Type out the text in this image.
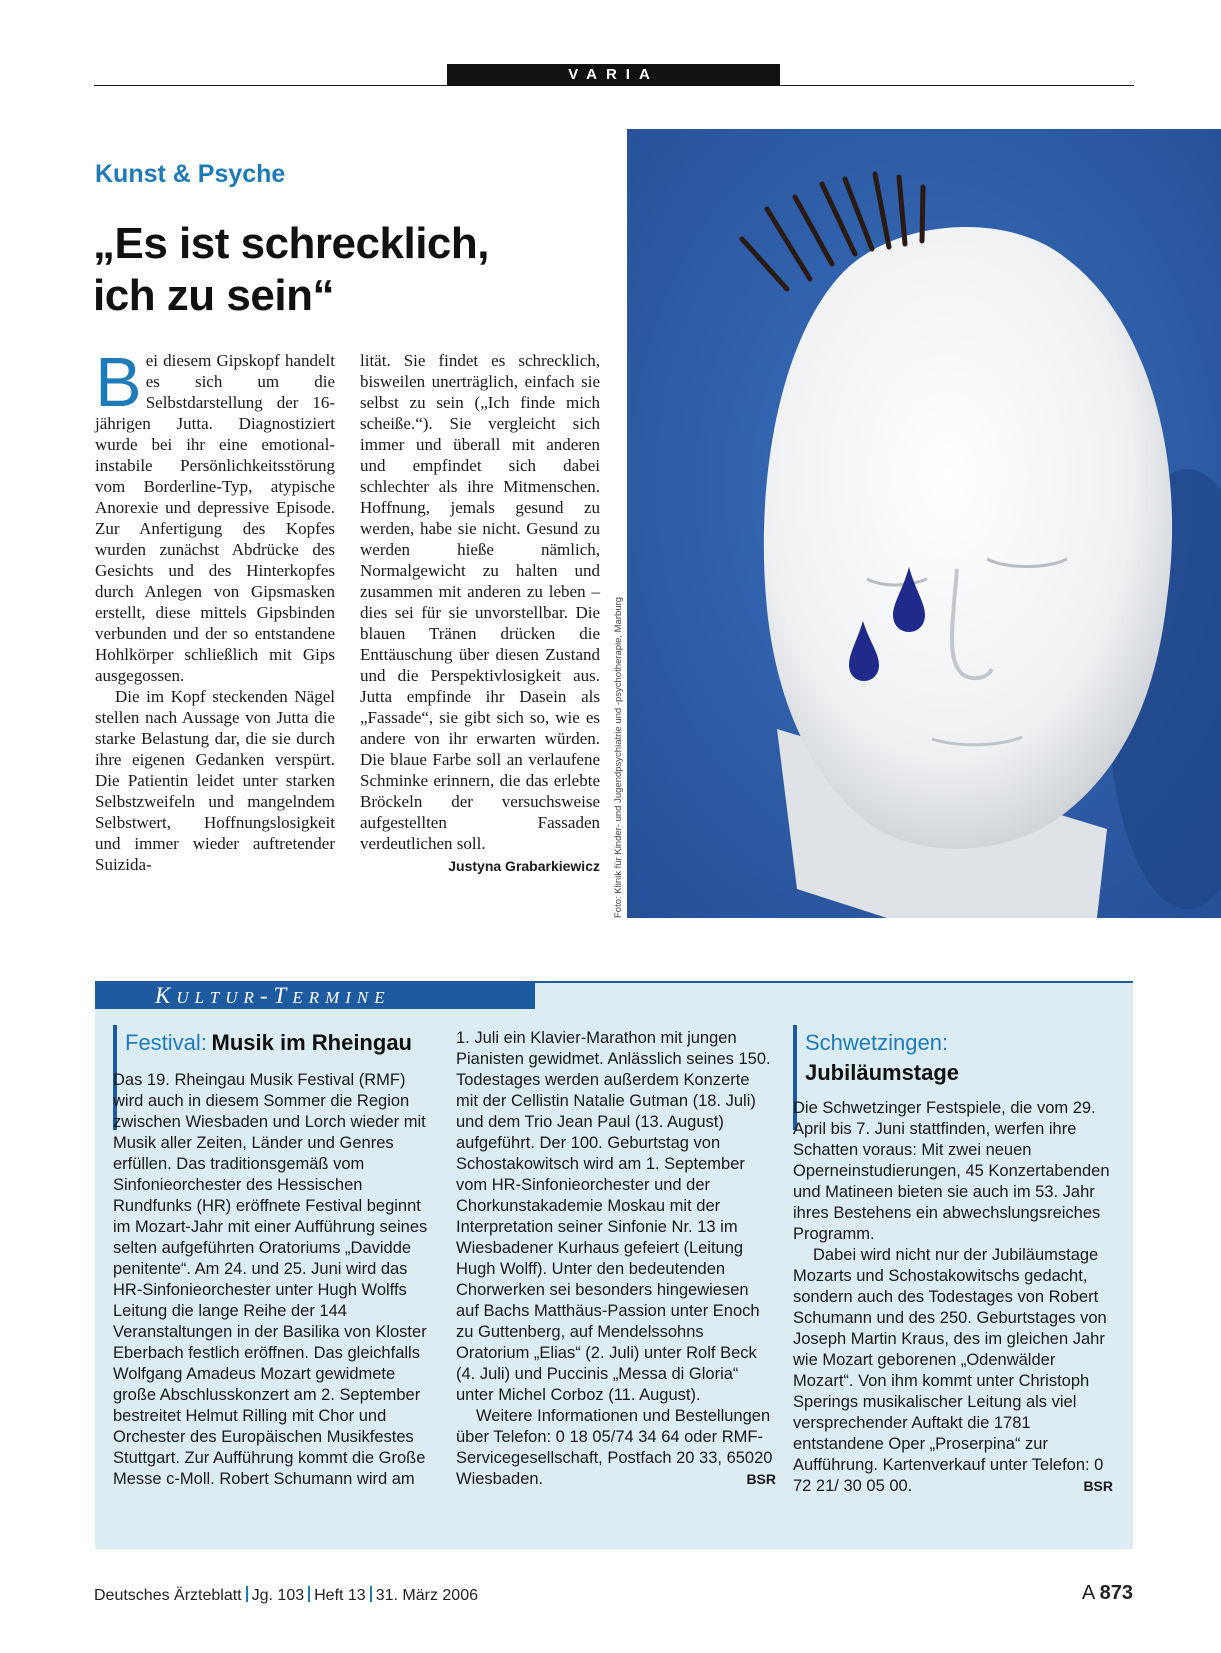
VARIA
Kunst & Psyche
„Es ist schrecklich,
ich zu sein“

Bei diesem Gipskopf handelt es sich um die Selbstdarstellung der 16-jährigen Jutta. Diagnostiziert wurde bei ihr eine emotional-instabile Persönlichkeitsstörung vom Borderline-Typ, atypische Anorexie und depressive Episode. Zur Anfertigung des Kopfes wurden zunächst Abdrücke des Gesichts und des Hinterkopfes durch Anlegen von Gipsmasken erstellt, diese mittels Gipsbinden verbunden und der so entstandene Hohlkörper schließlich mit Gips ausgegossen.

Die im Kopf steckenden Nägel stellen nach Aussage von Jutta die starke Belastung dar, die sie durch ihre eigenen Gedanken verspürt. Die Patientin leidet unter starken Selbstzweifeln und mangelndem Selbstwert, Hoffnungslosigkeit und immer wieder auftretender Suizida-

lität. Sie findet es schrecklich, bisweilen unerträglich, einfach sie selbst zu sein („Ich finde mich scheiße.“). Sie vergleicht sich immer und überall mit anderen und empfindet sich dabei schlechter als ihre Mitmenschen. Hoffnung, jemals gesund zu werden, habe sie nicht. Gesund zu werden hieße nämlich, Normalgewicht zu halten und zusammen mit anderen zu leben – dies sei für sie unvorstellbar. Die blauen Tränen drücken die Enttäuschung über diesen Zustand und die Perspektivlosigkeit aus. Jutta empfinde ihr Dasein als „Fassade“, sie gibt sich so, wie es andere von ihr erwarten würden. Die blaue Farbe soll an verlaufene Schminke erinnern, die das erlebte Bröckeln der versuchsweise aufgestellten Fassaden verdeutlichen soll.
Justyna Grabarkiewicz Foto: Klinik für Kinder- und Jugendpsychiatrie und -psychotherapie, Marburg
KULTUR-TERMINE
Festival: Musik im Rheingau

Das 19. Rheingau Musik Festival (RMF) wird auch in diesem Sommer die Region zwischen Wiesbaden und Lorch wieder mit Musik aller Zeiten, Länder und Genres erfüllen. Das traditionsgemäß vom Sinfonieorchester des Hessischen Rundfunks (HR) eröffnete Festival beginnt im Mozart-Jahr mit einer Aufführung seines selten aufgeführten Oratoriums „Davidde penitente“. Am 24. und 25. Juni wird das HR-Sinfonieorchester unter Hugh Wolffs Leitung die lange Reihe der 144 Veranstaltungen in der Basilika von Kloster Eberbach festlich eröffnen. Das gleichfalls Wolfgang Amadeus Mozart gewidmete große Abschlusskonzert am 2. September bestreitet Helmut Rilling mit Chor und Orchester des Europäischen Musikfestes Stuttgart. Zur Aufführung kommt die Große Messe c-Moll. Robert Schumann wird am

1. Juli ein Klavier-Marathon mit jungen Pianisten gewidmet. Anlässlich seines 150. Todestages werden außerdem Konzerte mit der Cellistin Natalie Gutman (18. Juli) und dem Trio Jean Paul (13. August) aufgeführt. Der 100. Geburtstag von Schostakowitsch wird am 1. September vom HR-Sinfonieorchester und der Chorkunstakademie Moskau mit der Interpretation seiner Sinfonie Nr. 13 im Wiesbadener Kurhaus gefeiert (Leitung Hugh Wolff). Unter den bedeutenden Chorwerken sei besonders hingewiesen auf Bachs Matthäus-Passion unter Enoch zu Guttenberg, auf Mendelssohns Oratorium „Elias“ (2. Juli) unter Rolf Beck (4. Juli) und Puccinis „Messa di Gloria“ unter Michel Corboz (11. August).

Weitere Informationen und Bestellungen über Telefon: 0 18 05/74 34 64 oder RMF-Servicegesellschaft, Postfach 20 33, 65020 Wiesbaden.	BSR

Schwetzingen:
Jubiläumstage

Die Schwetzinger Festspiele, die vom 29. April bis 7. Juni stattfinden, werfen ihre Schatten voraus: Mit zwei neuen Operneinstudierungen, 45 Konzertabenden und Matineen bieten sie auch im 53. Jahr ihres Bestehens ein abwechslungsreiches Programm.

Dabei wird nicht nur der Jubiläumstage Mozarts und Schostakowitschs gedacht, sondern auch des Todestages von Robert Schumann und des 250. Geburtstages von Joseph Martin Kraus, des im gleichen Jahr wie Mozart geborenen „Odenwälder Mozart“. Von ihm kommt unter Christoph Sperings musikalischer Leitung als viel versprechender Auftakt die 1781 entstandene Oper „Proserpina“ zur Aufführung. Kartenverkauf unter Telefon: 0 72 21/ 30 05 00.	BSR

Deutsches Ärzteblatt Jg. 103 Heft 13 31. März 2006	A 873
